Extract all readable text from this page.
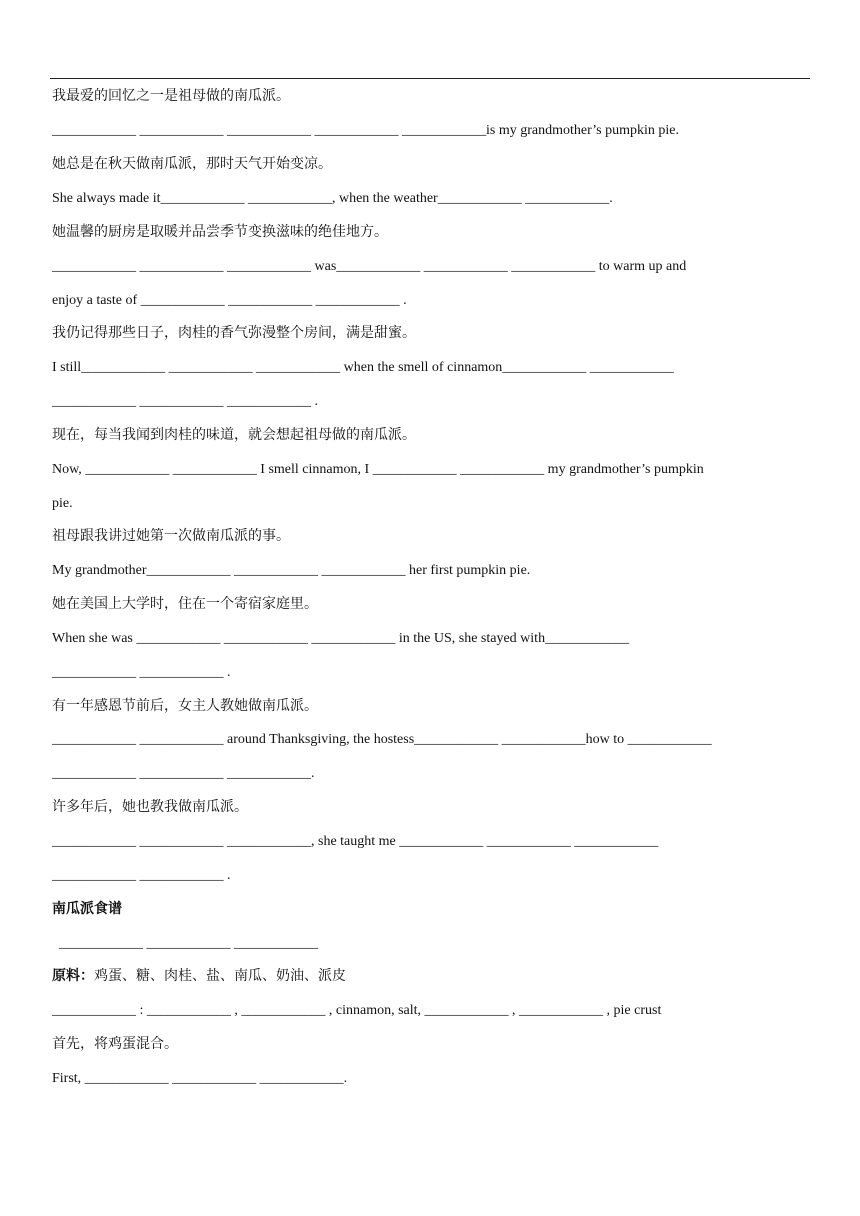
我最爱的回忆之一是祖母做的南瓜派。
____________ ____________ ____________ ____________ ____________is my grandmother’s pumpkin pie.
她总是在秋天做南瓜派，那时天气开始变凉。
She always made it____________ ____________, when the weather____________ ____________.
她温馨的厨房是取暖并品尝季节变换滋味的绝佳地方。
____________ ____________ ____________ was____________ ____________ ____________ to warm up and
enjoy a taste of ____________ ____________ ____________ .
我仍记得那些日子，肉桂的香气弥漫整个房间，满是甜蜜。
I still____________ ____________ ____________ when the smell of cinnamon____________ ____________
____________ ____________ ____________ .
现在，每当我闻到肉桂的味道，就会想起祖母做的南瓜派。
Now, ____________ ____________ I smell cinnamon, I ____________ ____________ my grandmother’s pumpkin
pie.
祖母跟我讲过她第一次做南瓜派的事。
My grandmother____________ ____________ ____________ her first pumpkin pie.
她在美国上大学时，住在一个寄宿家庭里。
When she was ____________ ____________ ____________ in the US, she stayed with____________
____________ ____________ .
有一年感恩节前后，女主人教她做南瓜派。
____________ ____________ around Thanksgiving, the hostess____________ ____________how to ____________
____________ ____________ ____________.
许多年后，她也教我做南瓜派。
____________ ____________ ____________, she taught me ____________ ____________ ____________
____________ ____________ .
南瓜派食谱
____________ ____________ ____________
原料：鸡蛋、糖、肉桂、盐、南瓜、奶油、派皮
____________ : ____________ , ____________ , cinnamon, salt, ____________ , ____________ , pie crust
首先，将鸡蛋混合。
First, ____________ ____________ ____________.
